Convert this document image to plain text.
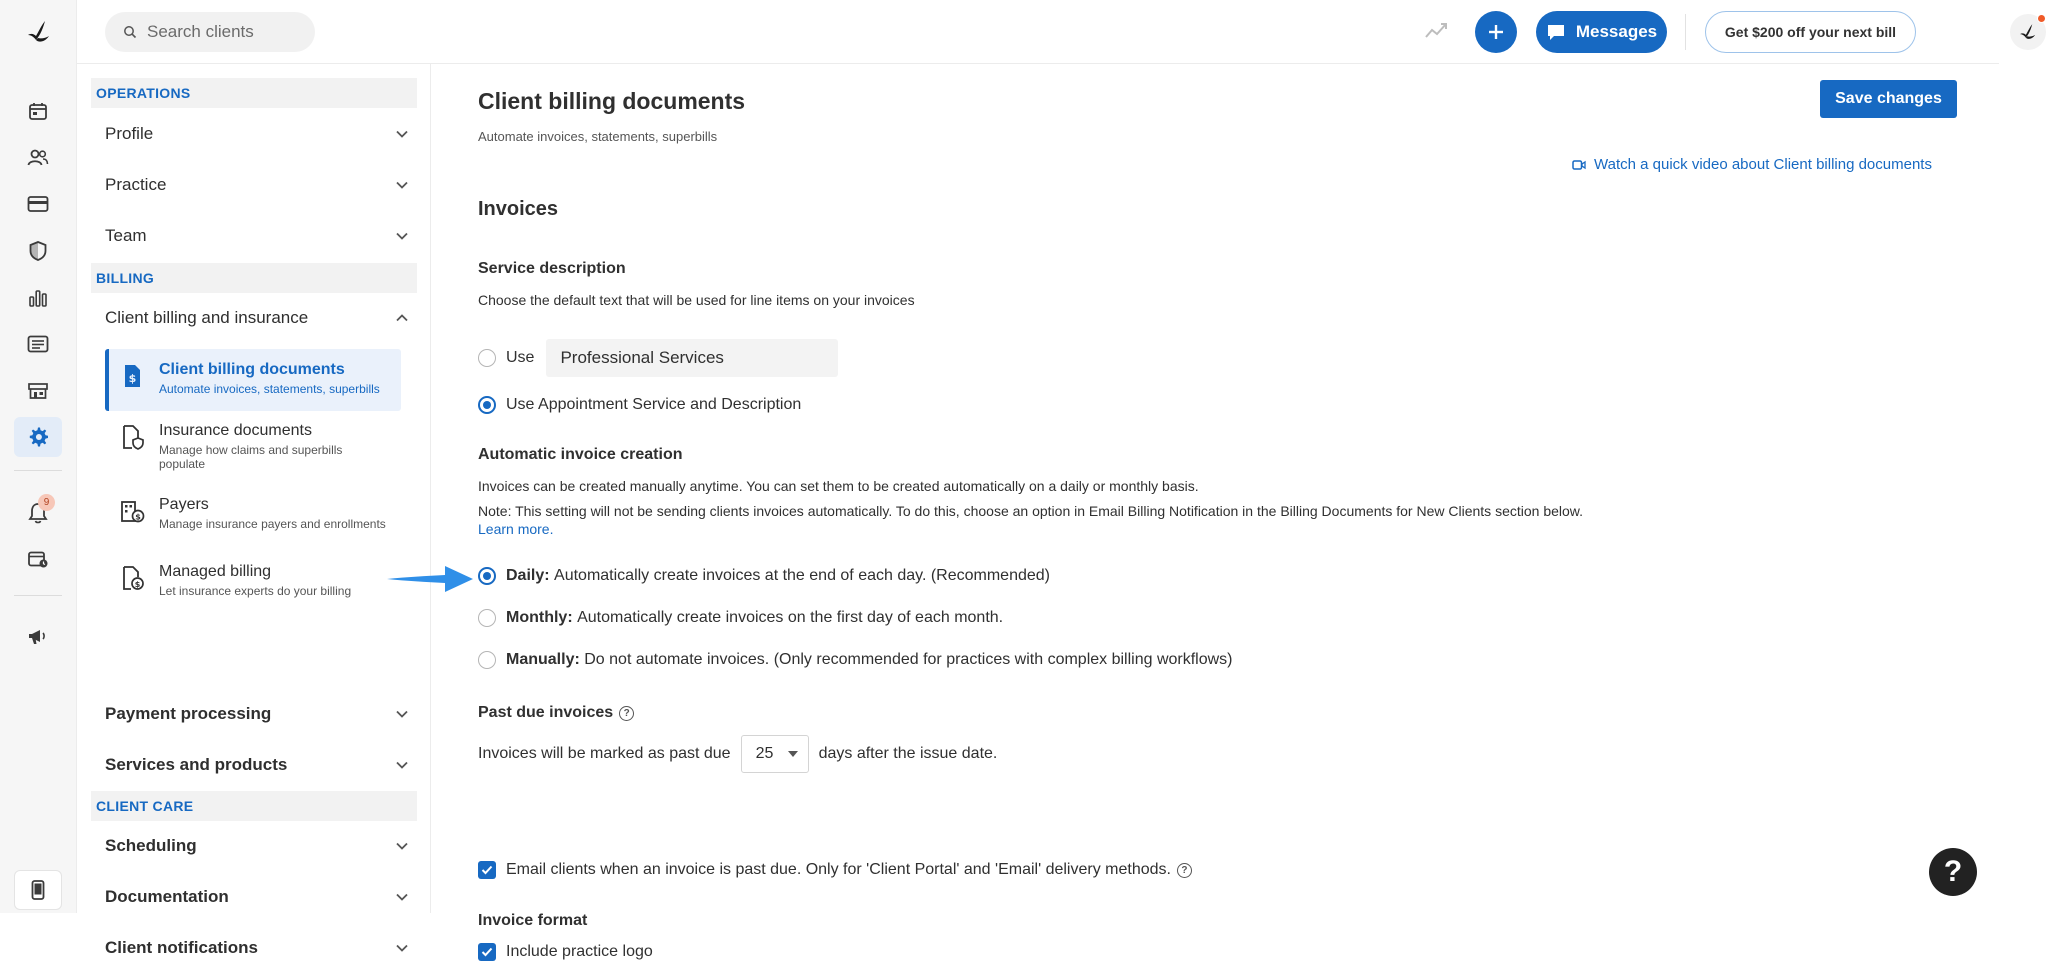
9
Search clients
Messages	Get $200 off your next bill
OPERATIONS
Profile
Practice
Team
BILLING
Client billing and insurance
$
Client billing documents
Automate invoices, statements, superbills
Insurance documents
Manage how claims and superbills populate
$
Payers
Manage insurance payers and enrollments
$
Managed billing
Let insurance experts do your billing
Payment processing
Services and products
CLIENT CARE
Scheduling
Documentation
Client notifications
Client billing documents
Automate invoices, statements, superbills
Save changes
Watch a quick video about Client billing documents
Invoices
Service description
Choose the default text that will be used for line items on your invoices
Use	Professional Services
Use Appointment Service and Description
Automatic invoice creation
Invoices can be created manually anytime. You can set them to be created automatically on a daily or monthly basis.
Note: This setting will not be sending clients invoices automatically. To do this, choose an option in Email Billing Notification in the Billing Documents for New Clients section below.
Learn more.
Daily:
Automatically create invoices at the end of each day. (Recommended)
Monthly:
Automatically create invoices on the first day of each month.
Manually:
Do not automate invoices. (Only recommended for practices with complex billing workflows)
Past due invoices	?
Invoices will be marked as past due 25	days after the issue date.
Email clients when an invoice is past due. Only for 'Client Portal' and 'Email' delivery methods.	?
Invoice format
Include practice logo
?
